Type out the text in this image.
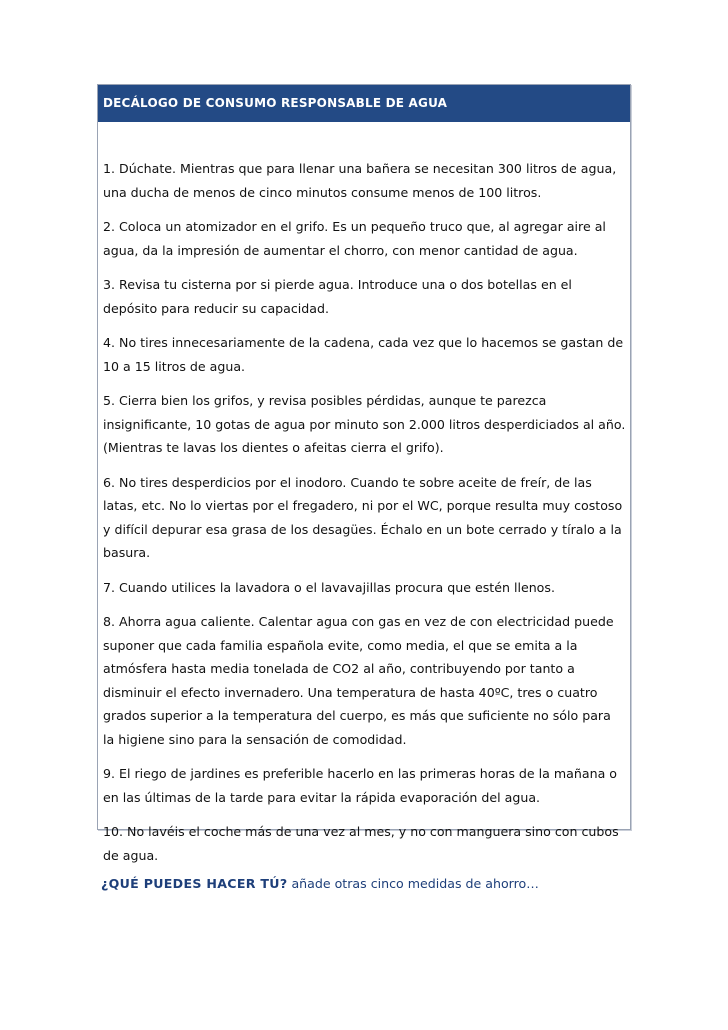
DECÁLOGO DE CONSUMO RESPONSABLE DE AGUA

1. Dúchate. Mientras que para llenar una bañera se necesitan 300 litros de agua, una ducha de menos de cinco minutos consume menos de 100 litros.

2. Coloca un atomizador en el grifo. Es un pequeño truco que, al agregar aire al agua, da la impresión de aumentar el chorro, con menor cantidad de agua.

3. Revisa tu cisterna por si pierde agua. Introduce una o dos botellas en el depósito para reducir su capacidad.

4. No tires innecesariamente de la cadena, cada vez que lo hacemos se gastan de 10 a 15 litros de agua.

5. Cierra bien los grifos, y revisa posibles pérdidas, aunque te parezca insignificante, 10 gotas de agua por minuto son 2.000 litros desperdiciados al año. (Mientras te lavas los dientes o afeitas cierra el grifo).

6. No tires desperdicios por el inodoro. Cuando te sobre aceite de freír, de las latas, etc. No lo viertas por el fregadero, ni por el WC, porque resulta muy costoso y difícil depurar esa grasa de los desagües. Échalo en un bote cerrado y tíralo a la basura.

7. Cuando utilices la lavadora o el lavavajillas procura que estén llenos.

8. Ahorra agua caliente. Calentar agua con gas en vez de con electricidad puede suponer que cada familia española evite, como media, el que se emita a la atmósfera hasta media tonelada de CO2 al año, contribuyendo por tanto a disminuir el efecto invernadero. Una temperatura de hasta 40ºC, tres o cuatro grados superior a la temperatura del cuerpo, es más que suficiente no sólo para la higiene sino para la sensación de comodidad.

9. El riego de jardines es preferible hacerlo en las primeras horas de la mañana o en las últimas de la tarde para evitar la rápida evaporación del agua.

10. No lavéis el coche más de una vez al mes, y no con manguera sino con cubos de agua.

¿QUÉ PUEDES HACER TÚ? añade otras cinco medidas de ahorro…
